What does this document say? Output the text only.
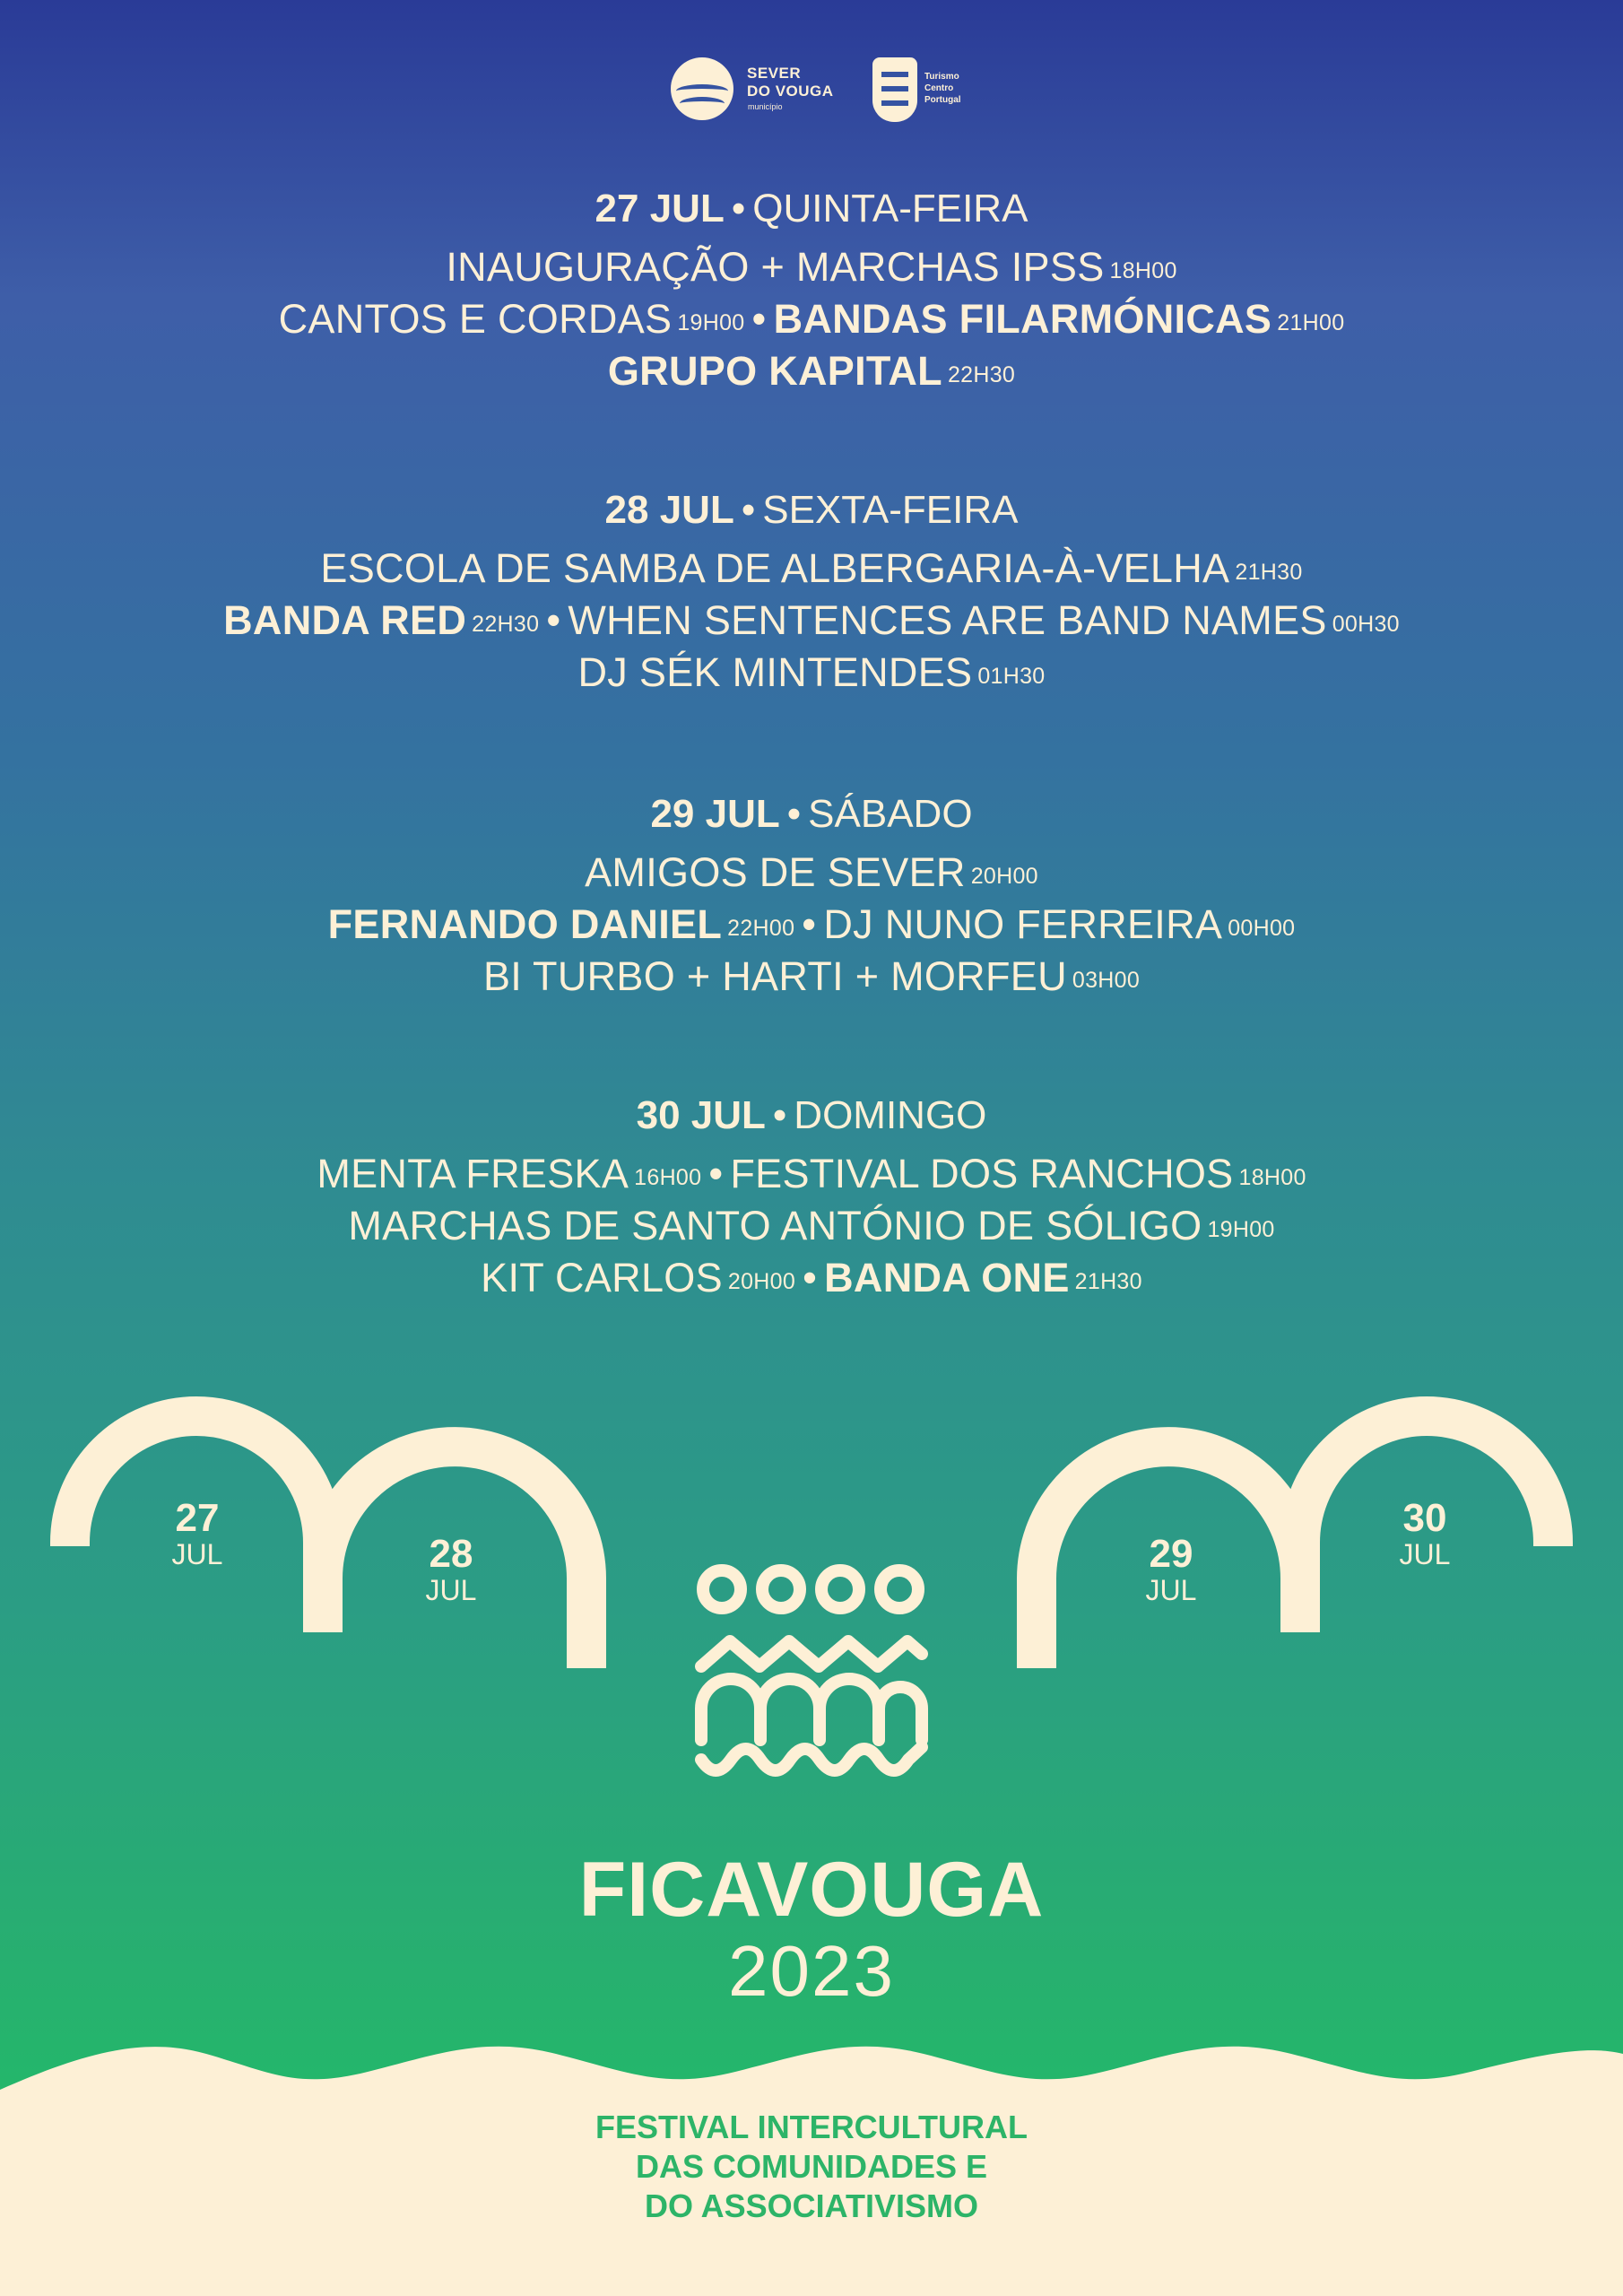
SEVER
DO VOUGA
município
Turismo
Centro
Portugal
27 JUL • QUINTA-FEIRA
INAUGURAÇÃO + MARCHAS IPSS $^{18H00}$
CANTOS E CORDAS $^{19H00}$ • BANDAS FILARMÓNICAS $^{21H00}$
GRUPO KAPITAL $^{22H30}$
28 JUL • SEXTA-FEIRA
ESCOLA DE SAMBA DE ALBERGARIA-À-VELHA $^{21H30}$
BANDA RED $^{22H30}$ • WHEN SENTENCES ARE BAND NAMES $^{00H30}$
DJ SÉK MINTENDES $^{01H30}$
29 JUL • SÁBADO
AMIGOS DE SEVER $^{20H00}$
FERNANDO DANIEL $^{22H00}$ • DJ NUNO FERREIRA $^{00H00}$
BI TURBO + HARTI + MORFEU $^{03H00}$
30 JUL • DOMINGO
MENTA FRESKA $^{16H00}$ • FESTIVAL DOS RANCHOS $^{18H00}$
MARCHAS DE SANTO ANTÓNIO DE SÓLIGO $^{19H00}$
KIT CARLOS $^{20H00}$ • BANDA ONE $^{21H30}$
27
JUL	28
JUL
29
JUL
30
JUL
FICAVOUGA
2023
FESTIVAL INTERCULTURAL
DAS COMUNIDADES E
DO ASSOCIATIVISMO
